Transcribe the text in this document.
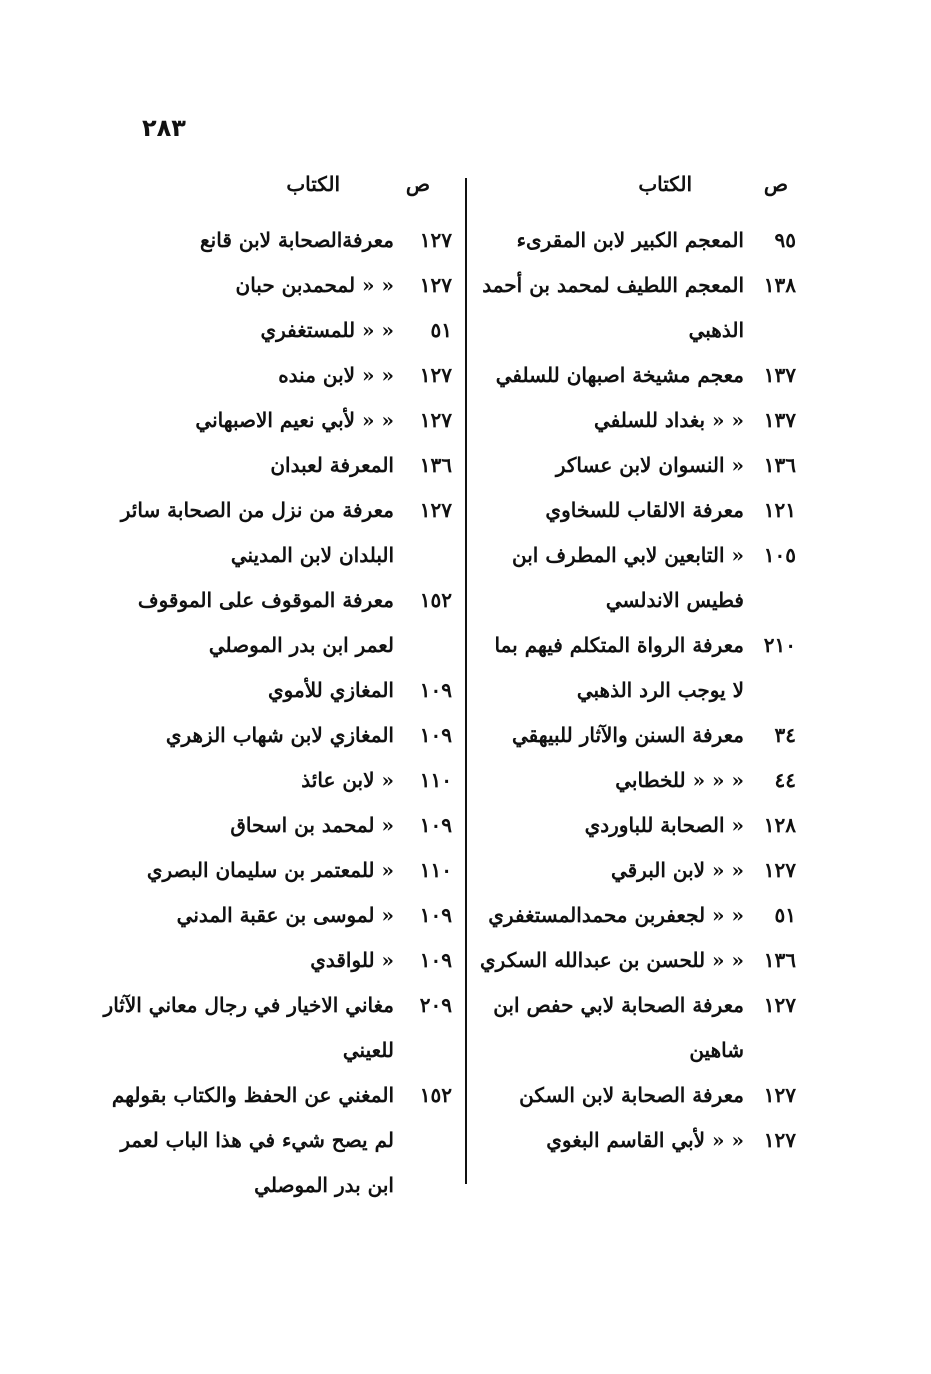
٢٨٣
ص
الكتاب
٩٥
المعجم الكبير لابن المقرىء
١٣٨
المعجم اللطيف لمحمد بن أحمد الذهبي
١٣٧
معجم مشيخة اصبهان للسلفي
١٣٧
« « بغداد للسلفي
١٣٦
« النسوان لابن عساكر
١٢١
معرفة الالقاب للسخاوي
١٠٥
« التابعين لابي المطرف ابن فطيس الاندلسي
٢١٠
معرفة الرواة المتكلم فيهم بما لا يوجب الرد الذهبي
٣٤
معرفة السنن والآثار للبيهقي
٤٤
« « « للخطابي
١٢٨
« الصحابة للباوردي
١٢٧
« « لابن البرقي
٥١
« « لجعفربن محمدالمستغفري
١٣٦
« « للحسن بن عبدالله السكري
١٢٧
معرفة الصحابة لابي حفص ابن شاهين
١٢٧
معرفة الصحابة لابن السكن
١٢٧
« « لأبي القاسم البغوي
ص
الكتاب
١٢٧
معرفةالصحابة لابن قانع
١٢٧
« « لمحمدبن حبان
٥١
« « للمستغفري
١٢٧
« « لابن منده
١٢٧
« « لأبي نعيم الاصبهاني
١٣٦
المعرفة لعبدان
١٢٧
معرفة من نزل من الصحابة سائر البلدان لابن المديني
١٥٢
معرفة الموقوف على الموقوف لعمر ابن بدر الموصلي
١٠٩
المغازي للأموي
١٠٩
المغازي لابن شهاب الزهري
١١٠
« لابن عائذ
١٠٩
« لمحمد بن اسحاق
١١٠
« للمعتمر بن سليمان البصري
١٠٩
« لموسى بن عقبة المدني
١٠٩
« للواقدي
٢٠٩
مغاني الاخيار في رجال معاني الآثار للعيني
١٥٢
المغني عن الحفظ والكتاب بقولهم لم يصح شيء في هذا الباب لعمر ابن بدر الموصلي
